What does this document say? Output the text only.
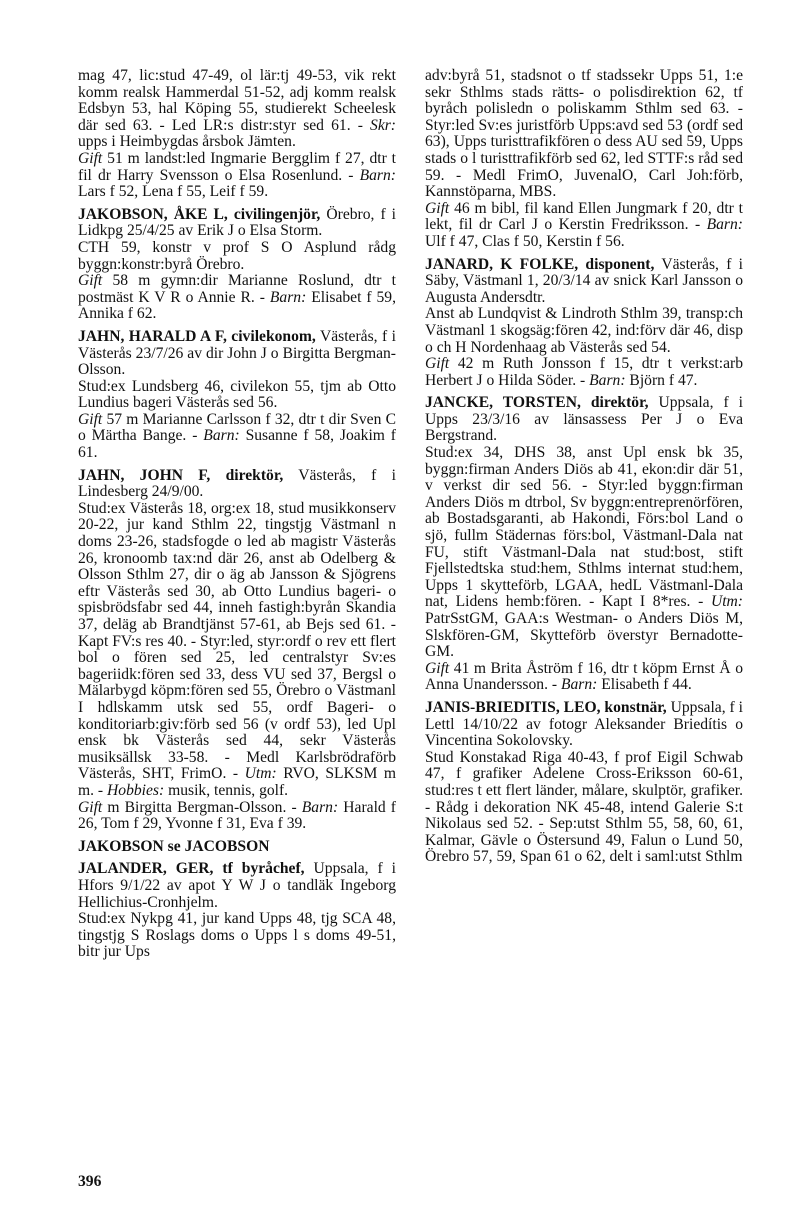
mag 47, lic:stud 47-49, ol lär:tj 49-53, vik rekt komm realsk Hammerdal 51-52, adj komm realsk Edsbyn 53, hal Köping 55, studierekt Scheelesk där sed 63. - Led LR:s distr:styr sed 61. - Skr: upps i Heimbygdas årsbok Jämten.

Gift 51 m landst:led Ingmarie Bergglim f 27, dtr t fil dr Harry Svensson o Elsa Rosenlund. - Barn: Lars f 52, Lena f 55, Leif f 59.

JAKOBSON, ÅKE L, civilingenjör, Örebro, f i Lidkpg 25/4/25 av Erik J o Elsa Storm.

CTH 59, konstr v prof S O Asplund rådg byggn:konstr:byrå Örebro.

Gift 58 m gymn:dir Marianne Roslund, dtr t postmäst K V R o Annie R. - Barn: Elisabet f 59, Annika f 62.

JAHN, HARALD A F, civilekonom, Västerås, f i Västerås 23/7/26 av dir John J o Birgitta Bergman-Olsson.

Stud:ex Lundsberg 46, civilekon 55, tjm ab Otto Lundius bageri Västerås sed 56.

Gift 57 m Marianne Carlsson f 32, dtr t dir Sven C o Märtha Bange. - Barn: Susanne f 58, Joakim f 61.

JAHN, JOHN F, direktör, Västerås, f i Lindesberg 24/9/00.

Stud:ex Västerås 18, org:ex 18, stud musikkonserv 20-22, jur kand Sthlm 22, tingstjg Västmanl n doms 23-26, stadsfogde o led ab magistr Västerås 26, kronoomb tax:nd där 26, anst ab Odelberg & Olsson Sthlm 27, dir o äg ab Jansson & Sjögrens eftr Västerås sed 30, ab Otto Lundius bageri- o spisbrödsfabr sed 44, inneh fastigh:byrån Skandia 37, deläg ab Brandtjänst 57-61, ab Bejs sed 61. - Kapt FV:s res 40. - Styr:led, styr:ordf o rev ett flert bol o fören sed 25, led centralstyr Sv:es bageriidk:fören sed 33, dess VU sed 37, Bergsl o Mälarbygd köpm:fören sed 55, Örebro o Västmanl I hdlskamm utsk sed 55, ordf Bageri- o konditoriarb:giv:förb sed 56 (v ordf 53), led Upl ensk bk Västerås sed 44, sekr Västerås musiksällsk 33-58. - Medl Karlsbrödraförb Västerås, SHT, FrimO. - Utm: RVO, SLKSM m m. - Hobbies: musik, tennis, golf.

Gift m Birgitta Bergman-Olsson. - Barn: Harald f 26, Tom f 29, Yvonne f 31, Eva f 39.

JAKOBSON se JACOBSON

JALANDER, GER, tf byråchef, Uppsala, f i Hfors 9/1/22 av apot Y W J o tandläk Ingeborg Hellichius-Cronhjelm.

Stud:ex Nykpg 41, jur kand Upps 48, tjg SCA 48, tingstjg S Roslags doms o Upps l s doms 49-51, bitr jur Ups

adv:byrå 51, stadsnot o tf stadssekr Upps 51, 1:e sekr Sthlms stads rätts- o polisdirektion 62, tf byråch polisledn o poliskamm Sthlm sed 63. - Styr:led Sv:es juristförb Upps:avd sed 53 (ordf sed 63), Upps turisttrafikfören o dess AU sed 59, Upps stads o l turisttrafikförb sed 62, led STTF:s råd sed 59. - Medl FrimO, JuvenalO, Carl Joh:förb, Kannstöparna, MBS.

Gift 46 m bibl, fil kand Ellen Jungmark f 20, dtr t lekt, fil dr Carl J o Kerstin Fredriksson. - Barn: Ulf f 47, Clas f 50, Kerstin f 56.

JANARD, K FOLKE, disponent, Västerås, f i Säby, Västmanl 1, 20/3/14 av snick Karl Jansson o Augusta Andersdtr.

Anst ab Lundqvist & Lindroth Sthlm 39, transp:ch Västmanl 1 skogsäg:fören 42, ind:förv där 46, disp o ch H Nordenhaag ab Västerås sed 54.

Gift 42 m Ruth Jonsson f 15, dtr t verkst:arb Herbert J o Hilda Söder. - Barn: Björn f 47.

JANCKE, TORSTEN, direktör, Uppsala, f i Upps 23/3/16 av länsassess Per J o Eva Bergstrand.

Stud:ex 34, DHS 38, anst Upl ensk bk 35, byggn:firman Anders Diös ab 41, ekon:dir där 51, v verkst dir sed 56. - Styr:led byggn:firman Anders Diös m dtrbol, Sv byggn:entreprenörfören, ab Bostadsgaranti, ab Hakondi, Förs:bol Land o sjö, fullm Städernas förs:bol, Västmanl-Dala nat FU, stift Västmanl-Dala nat stud:bost, stift Fjellstedtska stud:hem, Sthlms internat stud:hem, Upps 1 skytteförb, LGAA, hedL Västmanl-Dala nat, Lidens hemb:fören. - Kapt I 8*res. - Utm: PatrSstGM, GAA:s Westman- o Anders Diös M, Slskfören-GM, Skytteförb överstyr Bernadotte-GM.

Gift 41 m Brita Åström f 16, dtr t köpm Ernst Å o Anna Unandersson. - Barn: Elisabeth f 44.

JANIS-BRIEDITIS, LEO, konstnär, Uppsala, f i Lettl 14/10/22 av fotogr Aleksander Briedítis o Vincentina Sokolovsky.

Stud Konstakad Riga 40-43, f prof Eigil Schwab 47, f grafiker Adelene Cross-Eriksson 60-61, stud:res t ett flert länder, målare, skulptör, grafiker. - Rådg i dekoration NK 45-48, intend Galerie S:t Nikolaus sed 52. - Sep:utst Sthlm 55, 58, 60, 61, Kalmar, Gävle o Östersund 49, Falun o Lund 50, Örebro 57, 59, Span 61 o 62, delt i saml:utst Sthlm

396
